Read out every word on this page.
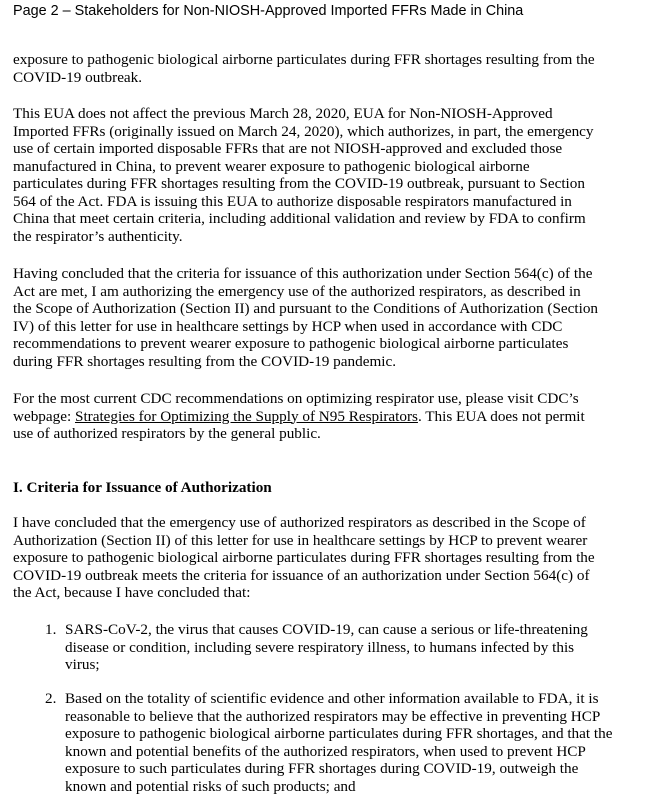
Page 2 – Stakeholders for Non-NIOSH-Approved Imported FFRs Made in China
exposure to pathogenic biological airborne particulates during FFR shortages resulting from the
COVID-19 outbreak.
This EUA does not affect the previous March 28, 2020, EUA for Non-NIOSH-Approved
Imported FFRs (originally issued on March 24, 2020), which authorizes, in part, the emergency
use of certain imported disposable FFRs that are not NIOSH-approved and excluded those
manufactured in China, to prevent wearer exposure to pathogenic biological airborne
particulates during FFR shortages resulting from the COVID-19 outbreak, pursuant to Section
564 of the Act. FDA is issuing this EUA to authorize disposable respirators manufactured in
China that meet certain criteria, including additional validation and review by FDA to confirm
the respirator’s authenticity.
Having concluded that the criteria for issuance of this authorization under Section 564(c) of the
Act are met, I am authorizing the emergency use of the authorized respirators, as described in
the Scope of Authorization (Section II) and pursuant to the Conditions of Authorization (Section
IV) of this letter for use in healthcare settings by HCP when used in accordance with CDC
recommendations to prevent wearer exposure to pathogenic biological airborne particulates
during FFR shortages resulting from the COVID-19 pandemic.
For the most current CDC recommendations on optimizing respirator use, please visit CDC’s
webpage: Strategies for Optimizing the Supply of N95 Respirators. This EUA does not permit
use of authorized respirators by the general public.
I. Criteria for Issuance of Authorization
I have concluded that the emergency use of authorized respirators as described in the Scope of
Authorization (Section II) of this letter for use in healthcare settings by HCP to prevent wearer
exposure to pathogenic biological airborne particulates during FFR shortages resulting from the
COVID-19 outbreak meets the criteria for issuance of an authorization under Section 564(c) of
the Act, because I have concluded that:
1. SARS-CoV-2, the virus that causes COVID-19, can cause a serious or life-threatening
disease or condition, including severe respiratory illness, to humans infected by this
virus;
2. Based on the totality of scientific evidence and other information available to FDA, it is
reasonable to believe that the authorized respirators may be effective in preventing HCP
exposure to pathogenic biological airborne particulates during FFR shortages, and that the
known and potential benefits of the authorized respirators, when used to prevent HCP
exposure to such particulates during FFR shortages during COVID-19, outweigh the
known and potential risks of such products; and
